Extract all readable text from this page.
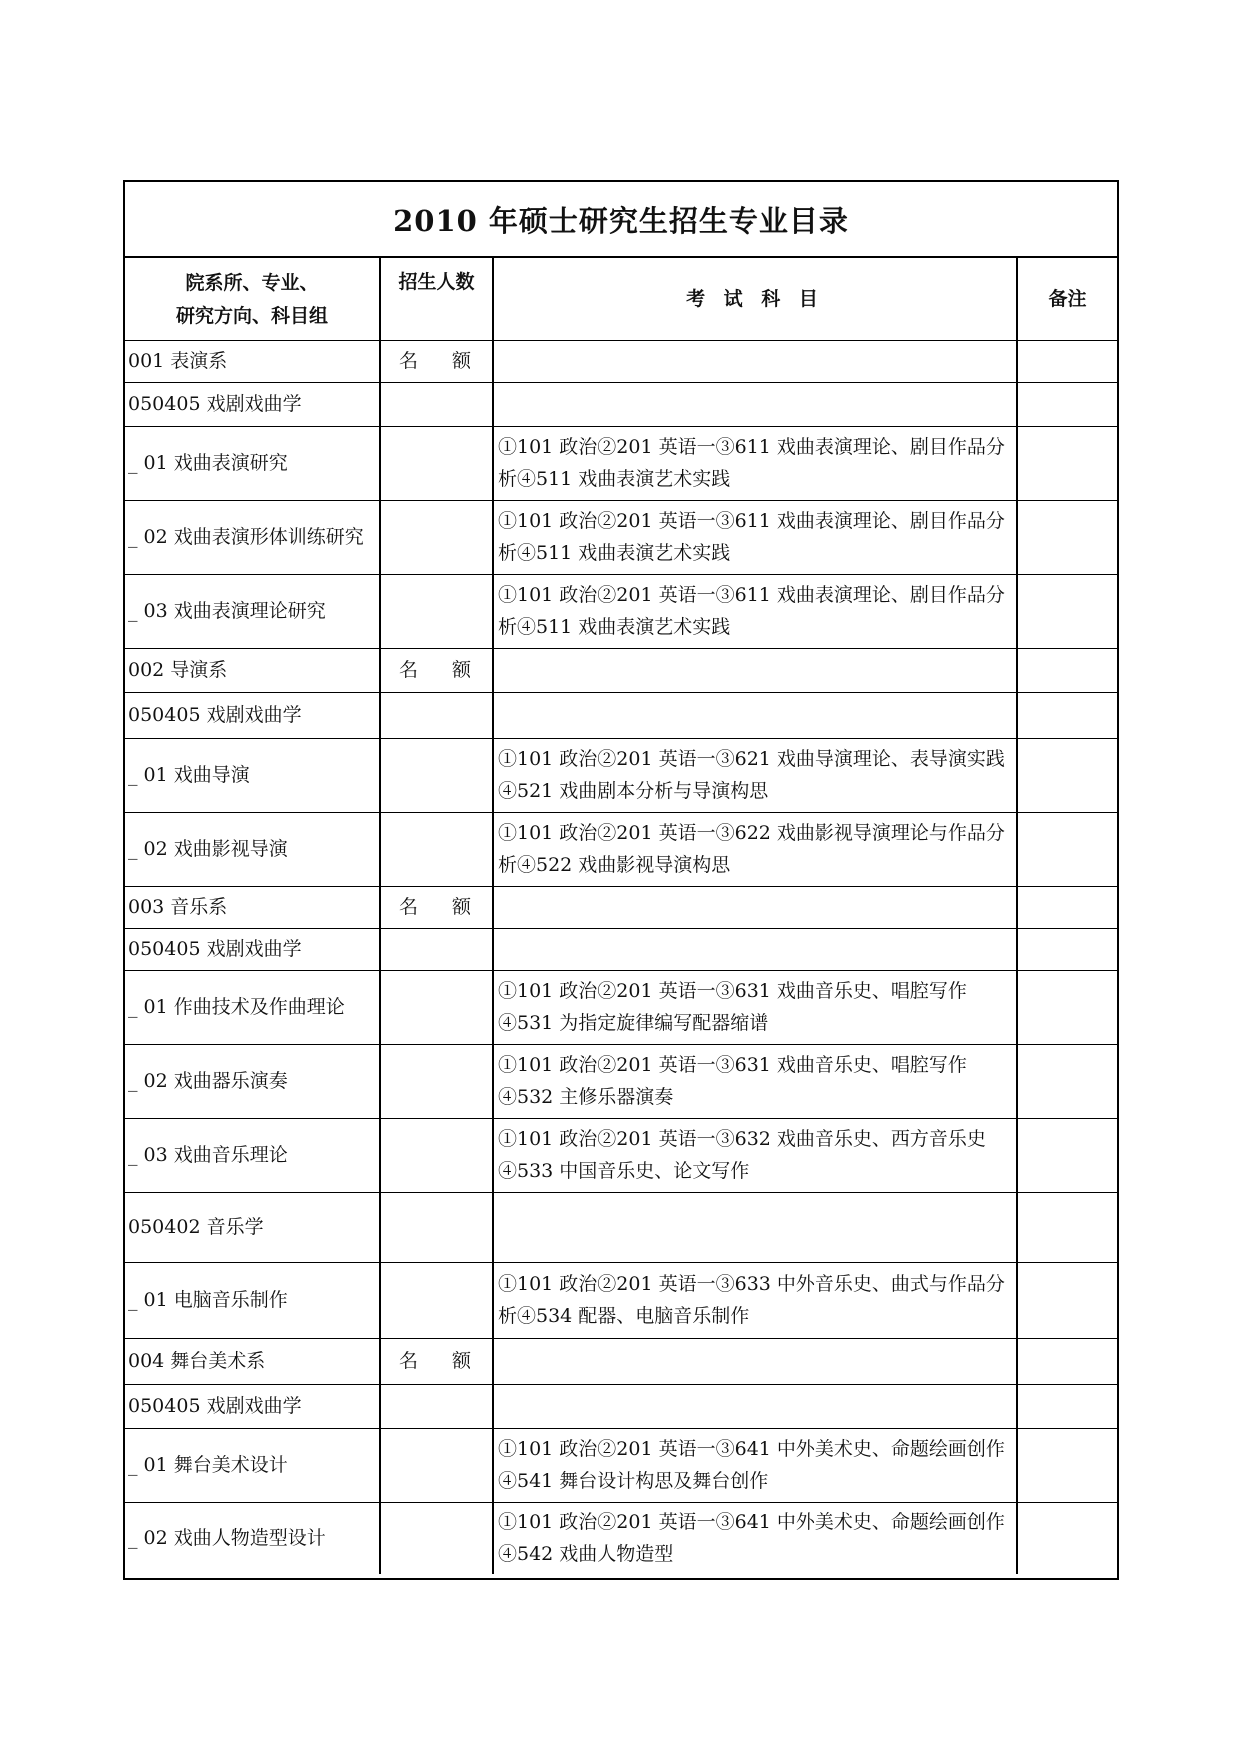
2010 年硕士研究生招生专业目录
院系所、专业、
研究方向、科目组	招生人数	考 试 科 目	备注
001 表演系	名 额		
050405 戏剧戏曲学			
_ 01 戏曲表演研究		①101 政治②201 英语一③611 戏曲表演理论、剧目作品分析④511 戏曲表演艺术实践	
_ 02 戏曲表演形体训练研究		①101 政治②201 英语一③611 戏曲表演理论、剧目作品分析④511 戏曲表演艺术实践	
_ 03 戏曲表演理论研究		①101 政治②201 英语一③611 戏曲表演理论、剧目作品分析④511 戏曲表演艺术实践	
002 导演系	名 额		
050405 戏剧戏曲学			
_ 01 戏曲导演		①101 政治②201 英语一③621 戏曲导演理论、表导演实践④521 戏曲剧本分析与导演构思	
_ 02 戏曲影视导演		①101 政治②201 英语一③622 戏曲影视导演理论与作品分析④522 戏曲影视导演构思	
003 音乐系	名 额		
050405 戏剧戏曲学			
_ 01 作曲技术及作曲理论		①101 政治②201 英语一③631 戏曲音乐史、唱腔写作④531 为指定旋律编写配器缩谱	
_ 02 戏曲器乐演奏		①101 政治②201 英语一③631 戏曲音乐史、唱腔写作④532 主修乐器演奏	
_ 03 戏曲音乐理论		①101 政治②201 英语一③632 戏曲音乐史、西方音乐史④533 中国音乐史、论文写作	
050402 音乐学			
_ 01 电脑音乐制作		①101 政治②201 英语一③633 中外音乐史、曲式与作品分析④534 配器、电脑音乐制作	
004 舞台美术系	名 额		
050405 戏剧戏曲学			
_ 01 舞台美术设计		①101 政治②201 英语一③641 中外美术史、命题绘画创作④541 舞台设计构思及舞台创作	
_ 02 戏曲人物造型设计		①101 政治②201 英语一③641 中外美术史、命题绘画创作④542 戏曲人物造型	
